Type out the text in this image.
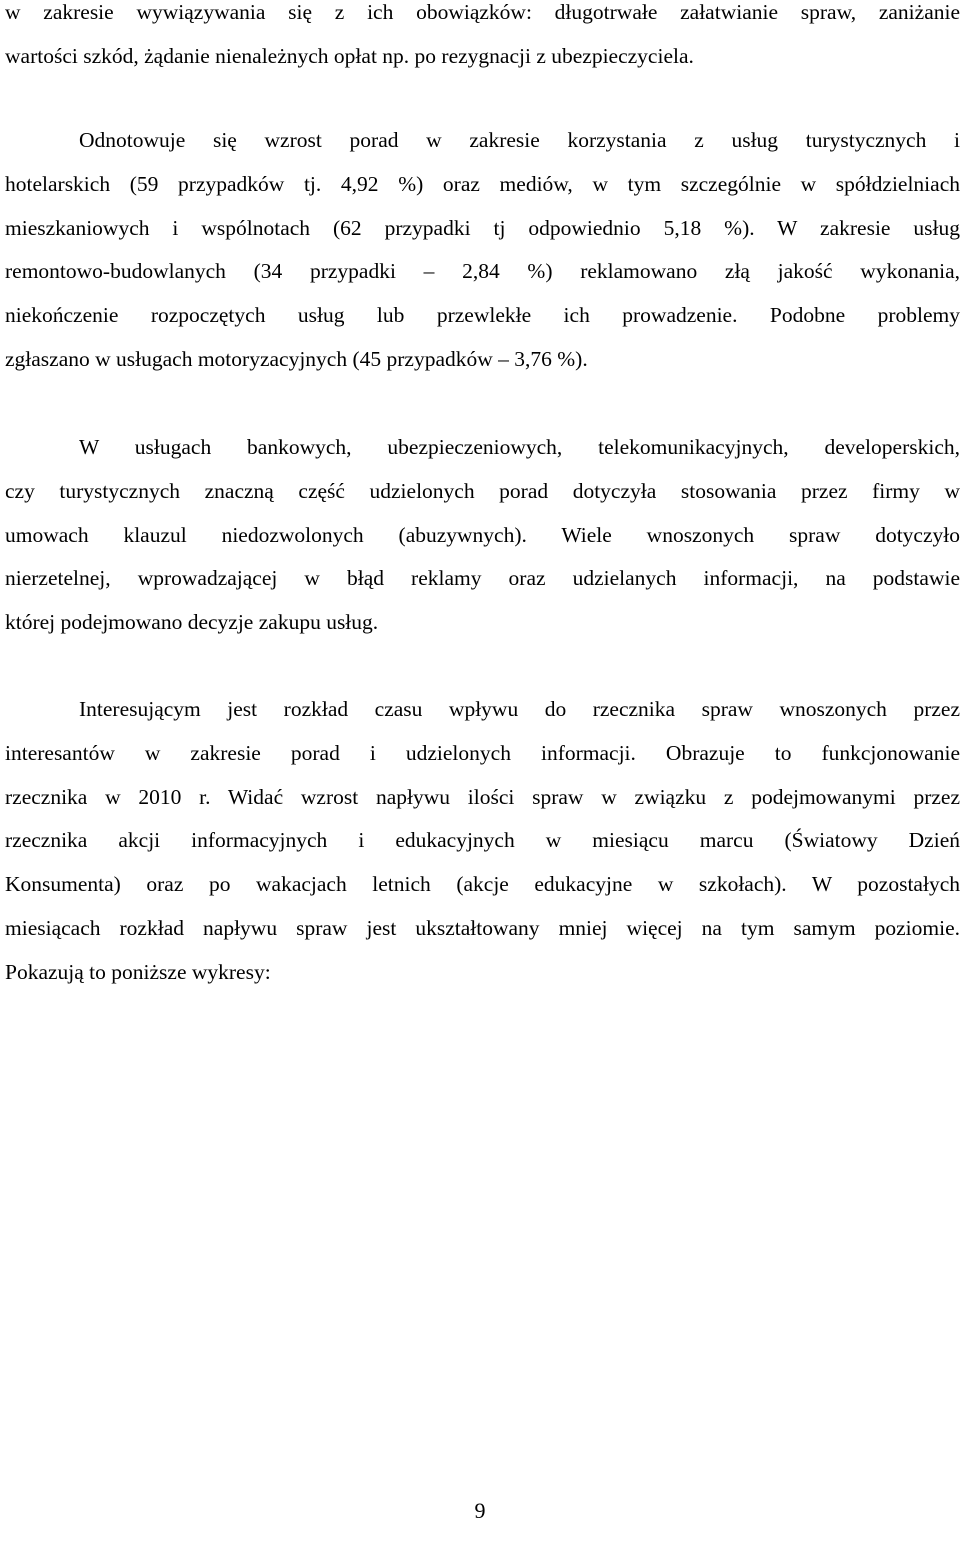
w zakresie wywiązywania się z ich obowiązków: długotrwałe załatwianie spraw, zaniżanie
wartości szkód, żądanie nienależnych opłat np. po rezygnacji z ubezpieczyciela.
Odnotowuje się wzrost porad w zakresie korzystania z usług turystycznych i
hotelarskich (59 przypadków tj. 4,92 %) oraz mediów, w tym szczególnie w spółdzielniach
mieszkaniowych i wspólnotach (62 przypadki tj odpowiednio 5,18 %). W zakresie usług
remontowo-budowlanych (34 przypadki – 2,84 %) reklamowano złą jakość wykonania,
niekończenie rozpoczętych usług lub przewlekłe ich prowadzenie. Podobne problemy
zgłaszano w usługach motoryzacyjnych (45 przypadków – 3,76 %).
W usługach bankowych, ubezpieczeniowych, telekomunikacyjnych, developerskich,
czy turystycznych znaczną część udzielonych porad dotyczyła stosowania przez firmy w
umowach klauzul niedozwolonych (abuzywnych). Wiele wnoszonych spraw dotyczyło
nierzetelnej, wprowadzającej w błąd reklamy oraz udzielanych informacji, na podstawie
której podejmowano decyzje zakupu usług.
Interesującym jest rozkład czasu wpływu do rzecznika spraw wnoszonych przez
interesantów w zakresie porad i udzielonych informacji. Obrazuje to funkcjonowanie
rzecznika w 2010 r. Widać wzrost napływu ilości spraw w związku z podejmowanymi przez
rzecznika akcji informacyjnych i edukacyjnych w miesiącu marcu (Światowy Dzień
Konsumenta) oraz po wakacjach letnich (akcje edukacyjne w szkołach). W pozostałych
miesiącach rozkład napływu spraw jest ukształtowany mniej więcej na tym samym poziomie.
Pokazują to poniższe wykresy:
9
